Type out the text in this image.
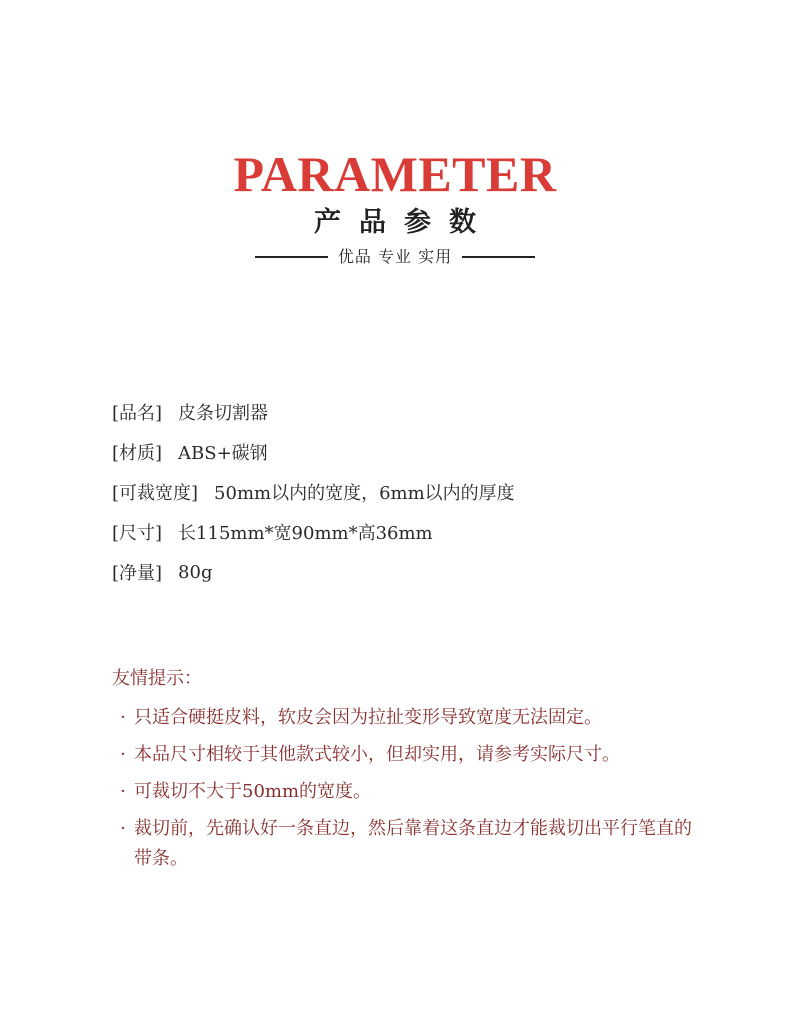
PARAMETER
产品参数
优品 专业 实用
[品名] 皮条切割器
[材质] ABS+碳钢
[可裁宽度] 50mm以内的宽度，6mm以内的厚度
[尺寸] 长115mm*宽90mm*高36mm
[净量] 80g
友情提示：
· 只适合硬挺皮料，软皮会因为拉扯变形导致宽度无法固定。
· 本品尺寸相较于其他款式较小，但却实用，请参考实际尺寸。
· 可裁切不大于50mm的宽度。
· 裁切前，先确认好一条直边，然后靠着这条直边才能裁切出平行笔直的带条。
